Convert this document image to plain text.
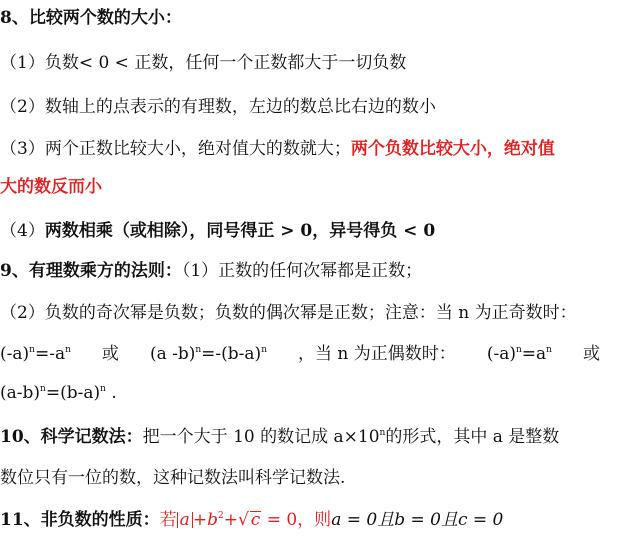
8、比较两个数的大小：
（1）负数< 0 < 正数，任何一个正数都大于一切负数
（2）数轴上的点表示的有理数，左边的数总比右边的数小
（3）两个正数比较大小，绝对值大的数就大；两个负数比较大小，绝对值
大的数反而小
（4）两数相乘（或相除），同号得正 > 0，异号得负 < 0
9、有理数乘方的法则：（1）正数的任何次幂都是正数；
（2）负数的奇次幂是负数；负数的偶次幂是正数；注意：当 n 为正奇数时：
$(-a)^n=-a^n$ 或 (a $-b)^n=-(b-a)^n$ ，当 n 为正偶数时： $(-a)^n=a^n$ 或
$(a-b)^n=(b-a)^n$ .
10、科学记数法：把一个大于 10 的数记成 $a\times 10^n$的形式，其中 a 是整数
数位只有一位的数，这种记数法叫科学记数法.
11、非负数的性质：若 $a +b^2+√$ c = 0，则a = 0且b = 0且c = 0
